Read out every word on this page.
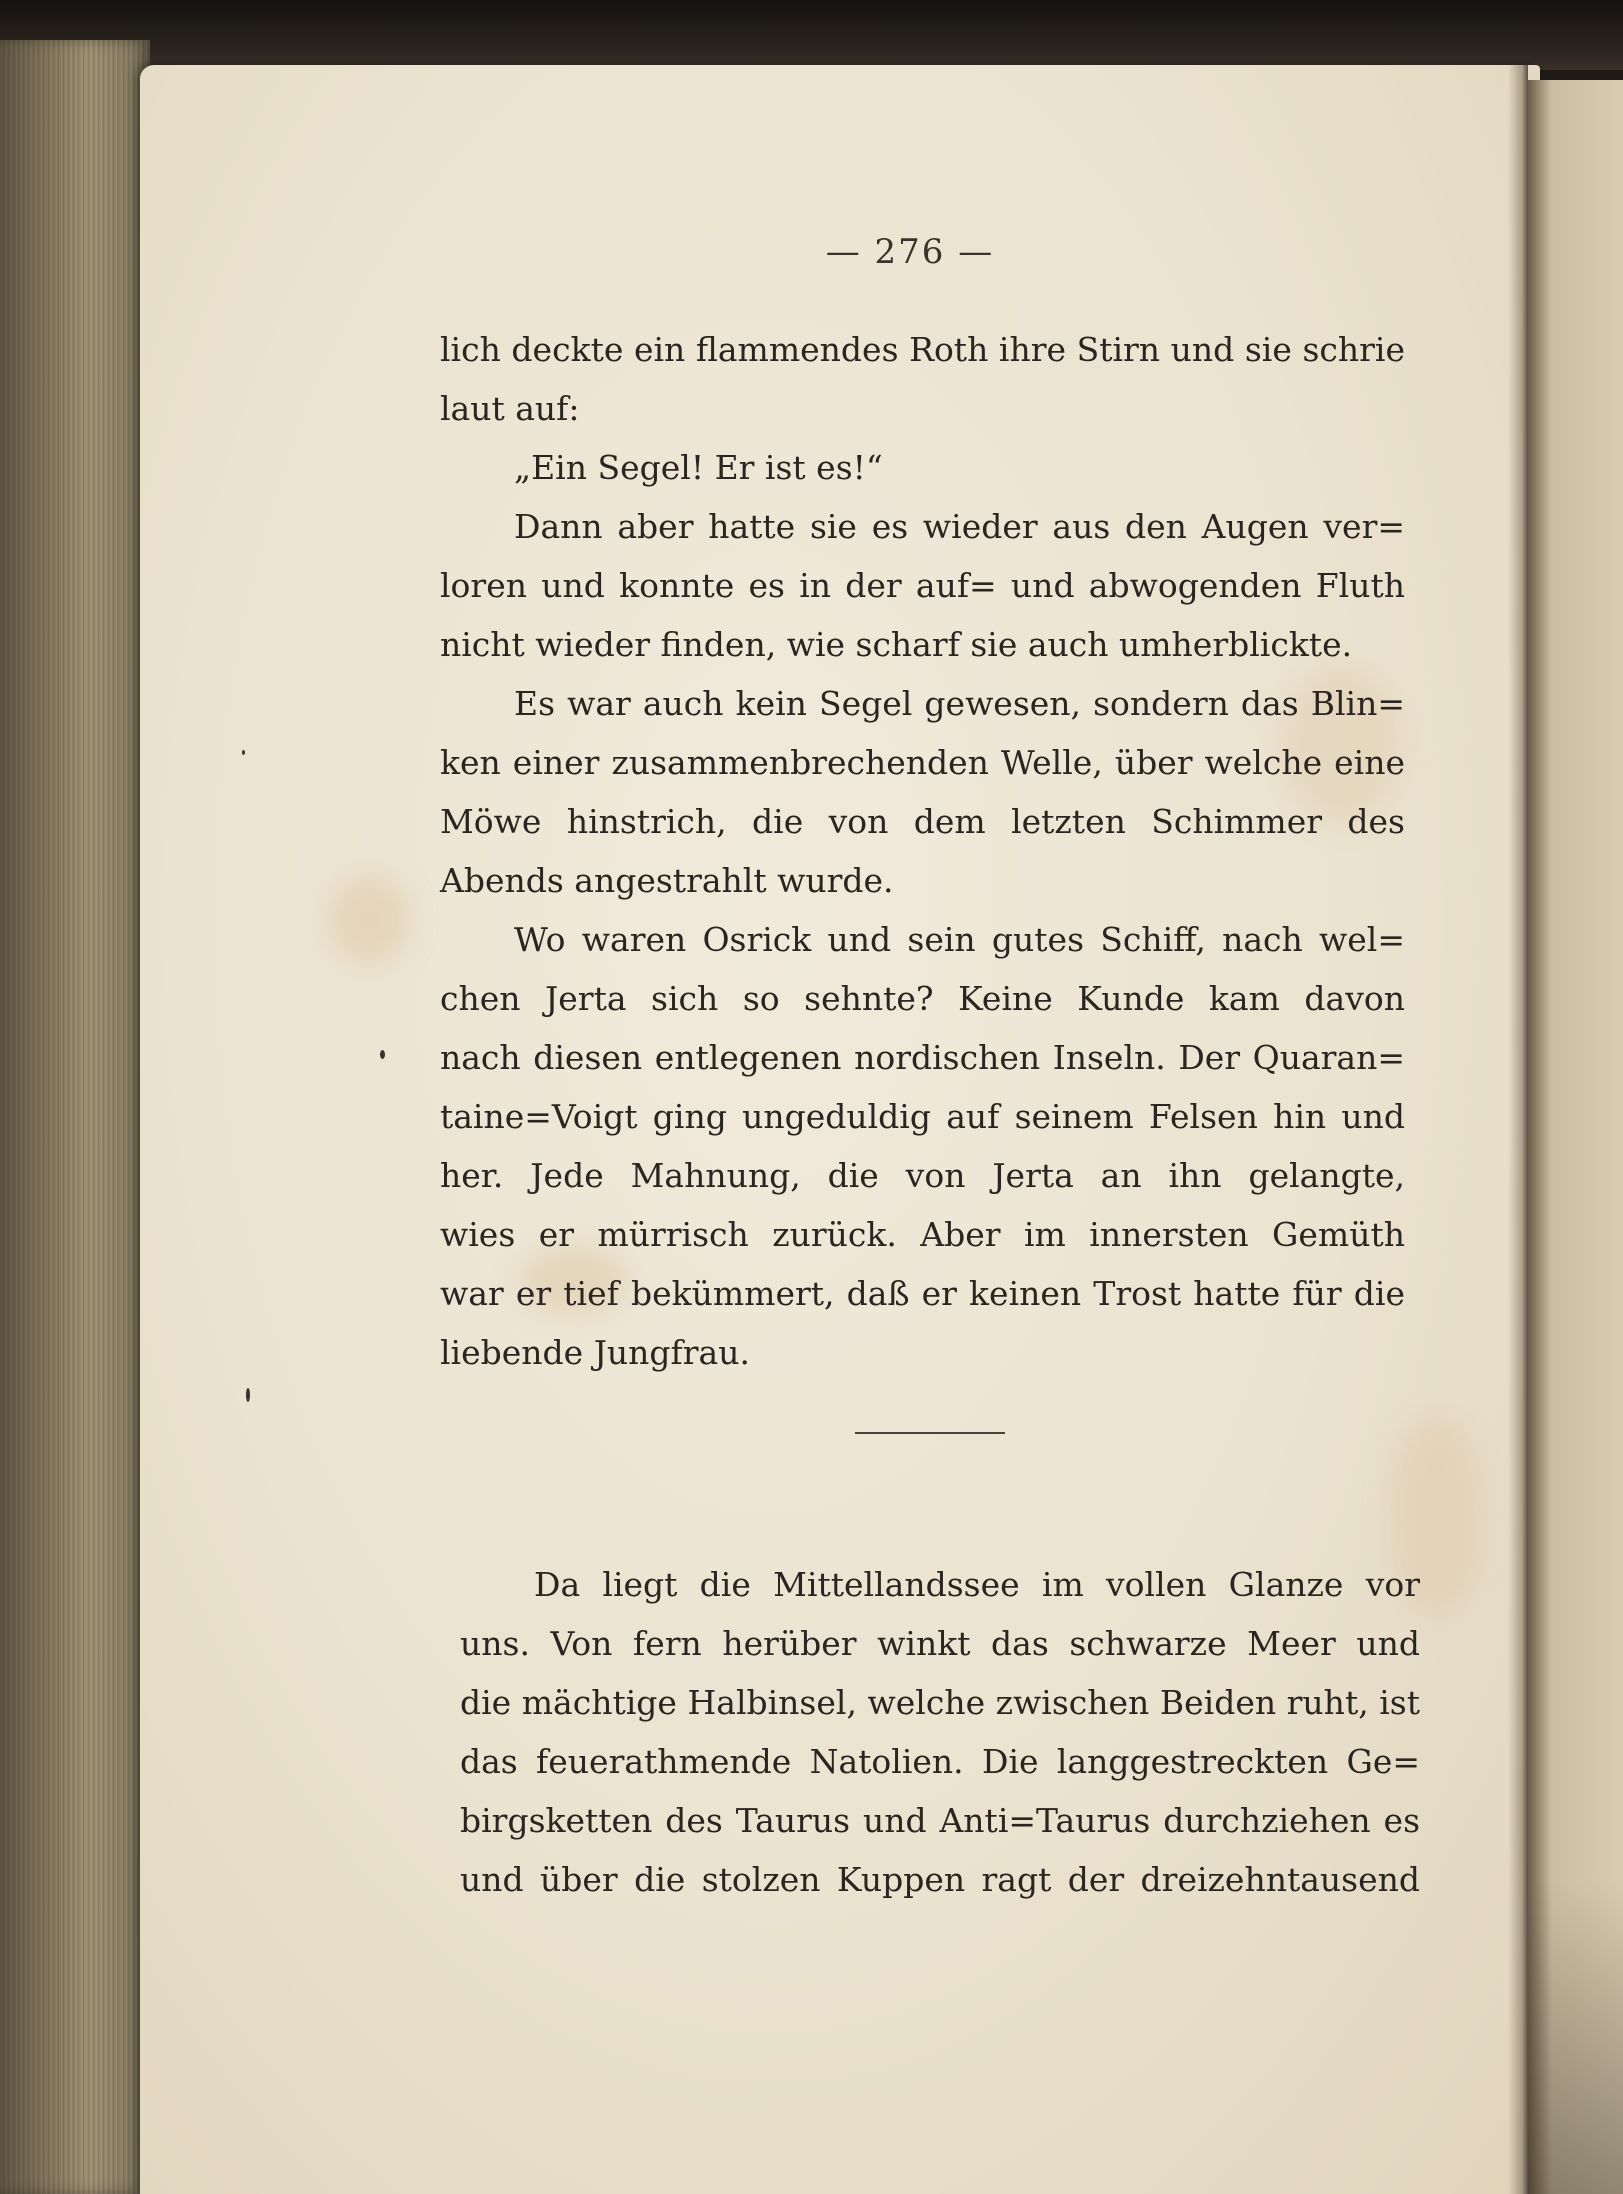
— 276 —
lich deckte ein flammendes Roth ihre Stirn und sie schrie
laut auf:
„Ein Segel! Er ist es!“
Dann aber hatte sie es wieder aus den Augen ver=
loren und konnte es in der auf= und abwogenden Fluth
nicht wieder finden, wie scharf sie auch umherblickte.
Es war auch kein Segel gewesen, sondern das Blin=
ken einer zusammenbrechenden Welle, über welche eine
Möwe hinstrich, die von dem letzten Schimmer des
Abends angestrahlt wurde.
Wo waren Osrick und sein gutes Schiff, nach wel=
chen Jerta sich so sehnte? Keine Kunde kam davon
nach diesen entlegenen nordischen Inseln. Der Quaran=
taine=Voigt ging ungeduldig auf seinem Felsen hin und
her. Jede Mahnung, die von Jerta an ihn gelangte,
wies er mürrisch zurück. Aber im innersten Gemüth
war er tief bekümmert, daß er keinen Trost hatte für die
liebende Jungfrau.
Da liegt die Mittellandssee im vollen Glanze vor
uns. Von fern herüber winkt das schwarze Meer und
die mächtige Halbinsel, welche zwischen Beiden ruht, ist
das feuerathmende Natolien. Die langgestreckten Ge=
birgsketten des Taurus und Anti=Taurus durchziehen es
und über die stolzen Kuppen ragt der dreizehntausend
